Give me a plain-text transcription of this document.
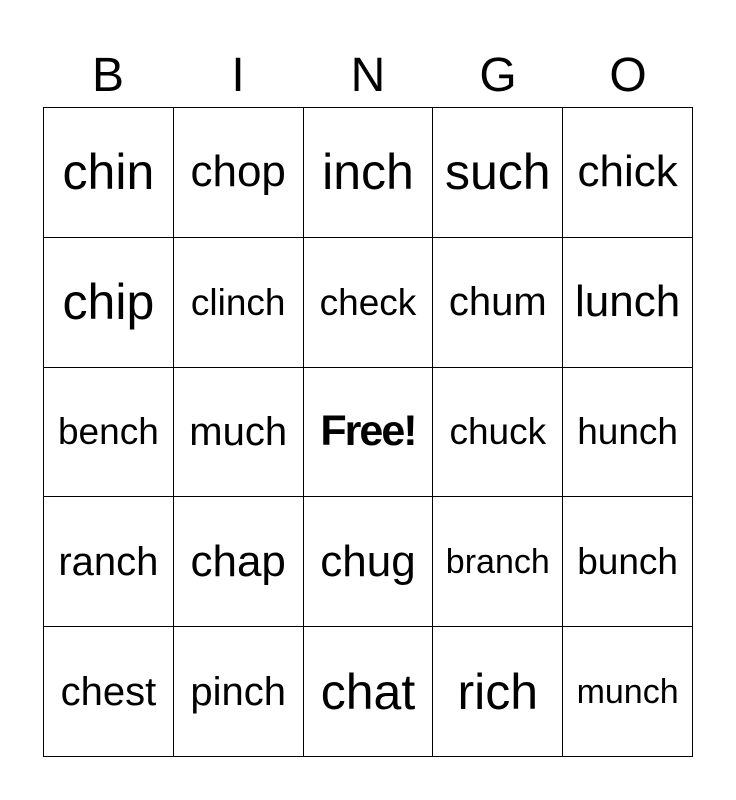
B	I	N	G	O
chin chop inch such chick
chip clinch check chum lunch
bench much Free! chuck hunch
ranch chap chug branch bunch
chest pinch chat rich	munch
